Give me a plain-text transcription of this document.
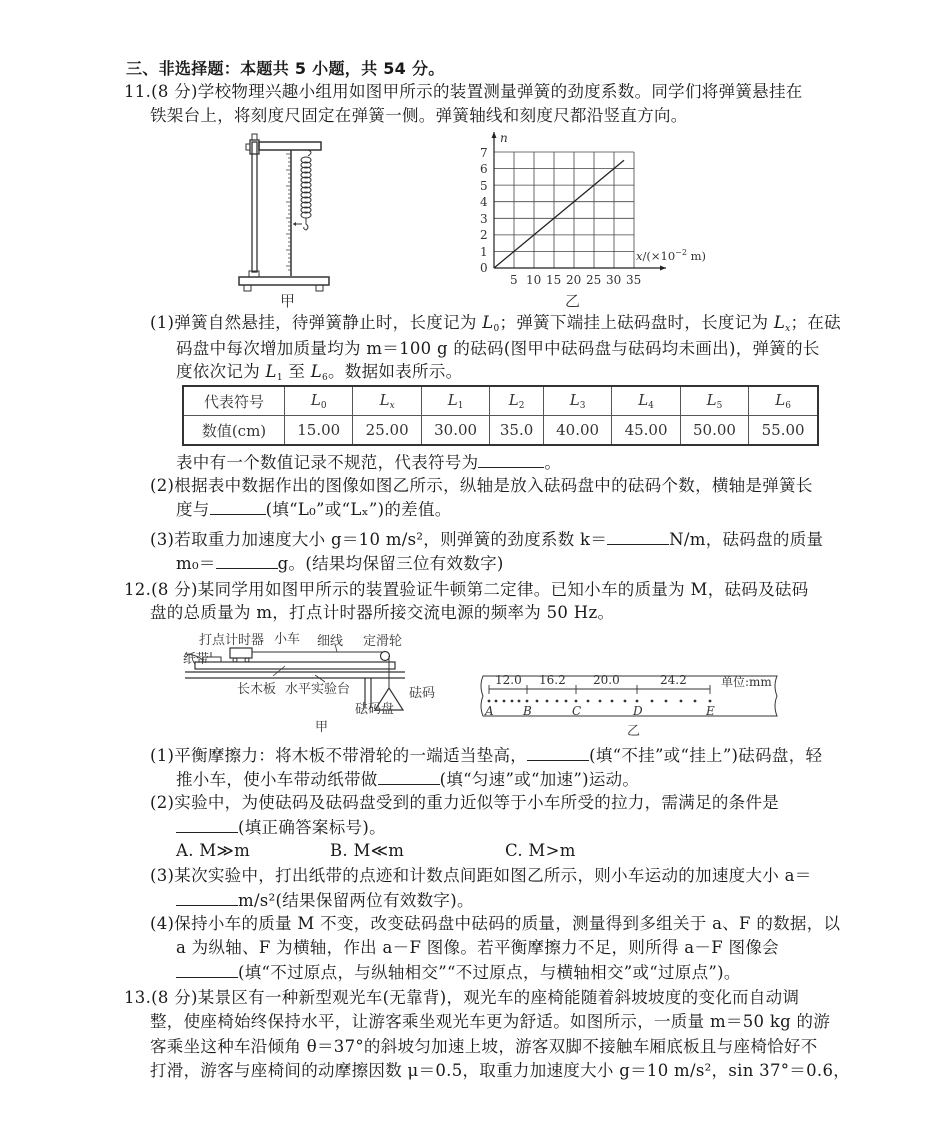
三、非选择题：本题共 5 小题，共 54 分。
11.(8 分)学校物理兴趣小组用如图甲所示的装置测量弹簧的劲度系数。同学们将弹簧悬挂在
铁架台上，将刻度尺固定在弹簧一侧。弹簧轴线和刻度尺都沿竖直方向。
甲
n
7
6
5
4
3
2
1
0
5 10 15 20 25 30 35
$x/(\times 10^{-2}$ m)
乙
(1)弹簧自然悬挂，待弹簧静止时，长度记为 $L_0$；弹簧下端挂上砝码盘时，长度记为 $L_x$；在砝
码盘中每次增加质量均为 m＝100 g 的砝码(图甲中砝码盘与砝码均未画出)，弹簧的长
度依次记为 $L_1$ 至 $L_6$。数据如表所示。
代表符号	$L_0$	$L_x$	$L_1$	$L_2$	$L_3$	$L_4$	$L_5$	$L_6$
数值(cm)	15.00	25.00	30.00	35.0	40.00	45.00	50.00	55.00
表中有一个数值记录不规范，代表符号为	。
(2)根据表中数据作出的图像如图乙所示，纵轴是放入砝码盘中的砝码个数，横轴是弹簧长
度与	(填“L₀”或“Lₓ”)的差值。
(3)若取重力加速度大小 g＝10 m/s²，则弹簧的劲度系数 k＝	N/m，砝码盘的质量
m₀＝	g。(结果均保留三位有效数字)
12.(8 分)某同学用如图甲所示的装置验证牛顿第二定律。已知小车的质量为 M，砝码及砝码
盘的总质量为 m，打点计时器所接交流电源的频率为 50 Hz。
打点计时器 小车 细线 定滑轮
纸带
长木板 水平实验台	砝码
砝码盘
甲
12.0 16.2 20.0	24.2	单位:mm
A B	C	D	E
乙
(1)平衡摩擦力：将木板不带滑轮的一端适当垫高，	(填“不挂”或“挂上”)砝码盘，轻
推小车，使小车带动纸带做	(填“匀速”或“加速”)运动。
(2)实验中，为使砝码及砝码盘受到的重力近似等于小车所受的拉力，需满足的条件是
(填正确答案标号)。
A. M≫m	B. M≪m	C. M>m
(3)某次实验中，打出纸带的点迹和计数点间距如图乙所示，则小车运动的加速度大小 a＝
m/s²(结果保留两位有效数字)。
(4)保持小车的质量 M 不变，改变砝码盘中砝码的质量，测量得到多组关于 a、F 的数据，以
a 为纵轴、F 为横轴，作出 a－F 图像。若平衡摩擦力不足，则所得 a－F 图像会
(填“不过原点，与纵轴相交”“不过原点，与横轴相交”或“过原点”)。
13.(8 分)某景区有一种新型观光车(无靠背)，观光车的座椅能随着斜坡坡度的变化而自动调
整，使座椅始终保持水平，让游客乘坐观光车更为舒适。如图所示，一质量 m＝50 kg 的游
客乘坐这种车沿倾角 θ＝37°的斜坡匀加速上坡，游客双脚不接触车厢底板且与座椅恰好不
打滑，游客与座椅间的动摩擦因数 μ＝0.5，取重力加速度大小 g＝10 m/s²，sin 37°＝0.6，
